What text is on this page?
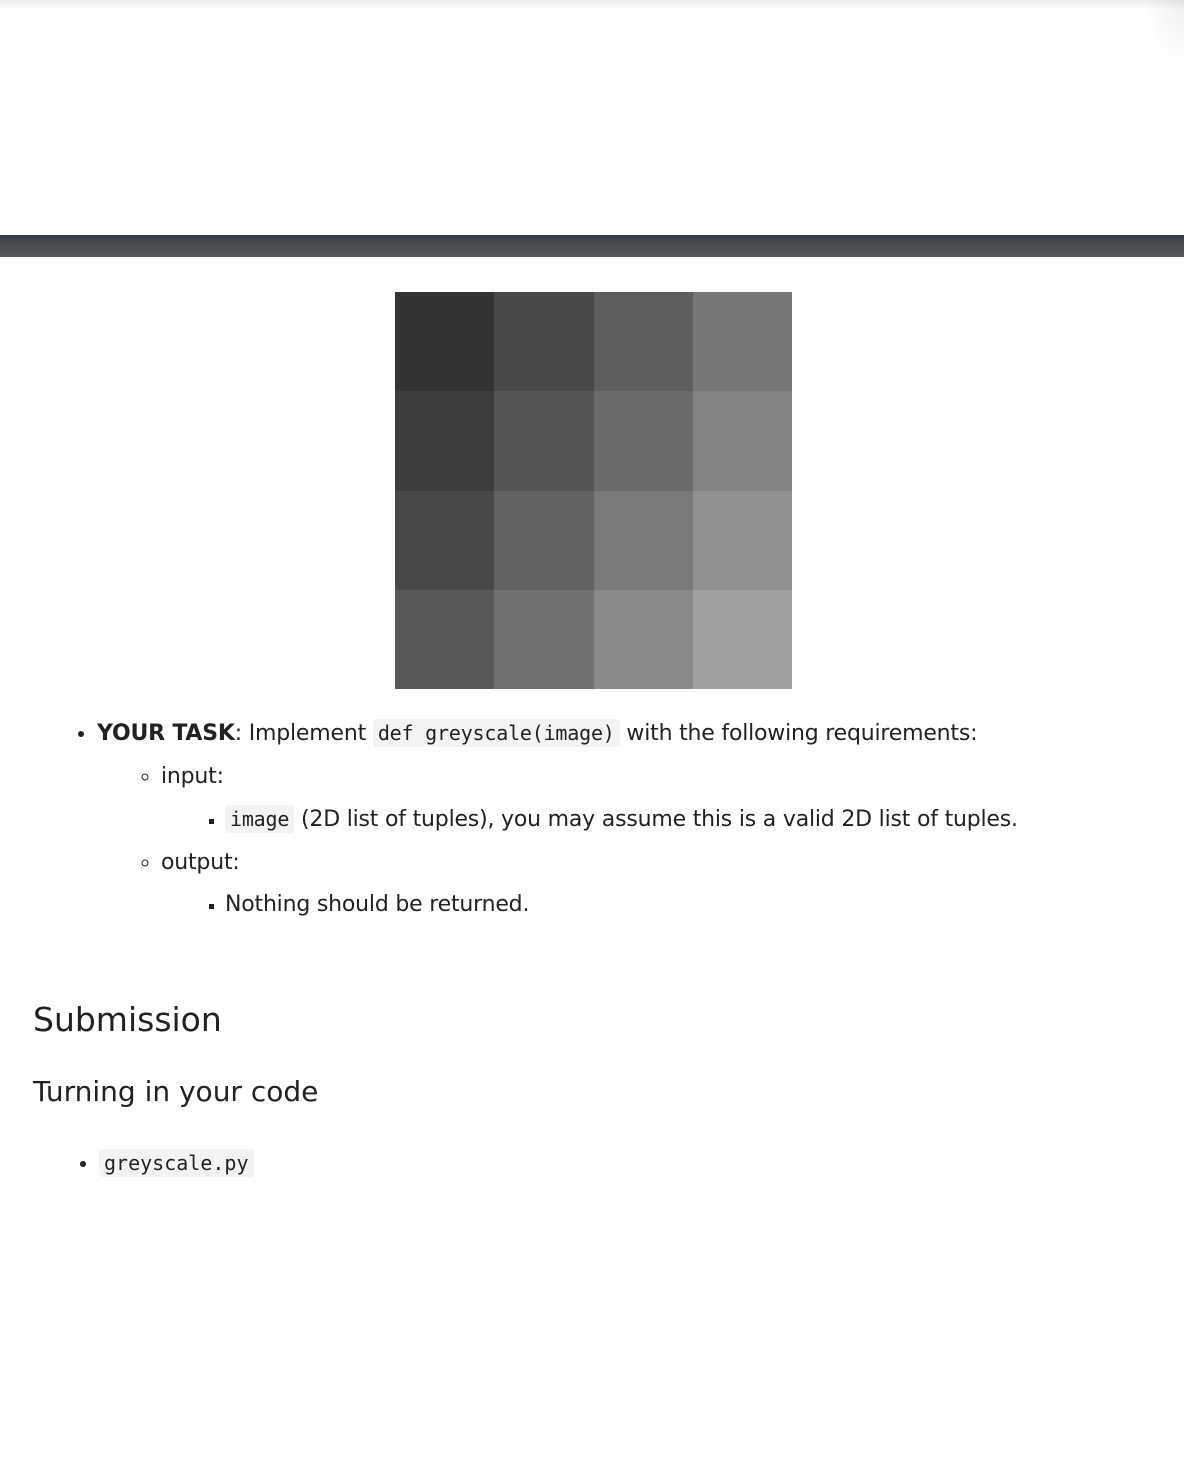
• YOUR TASK: Implement def greyscale(image) with the following requirements:
◦ input:
▪ image (2D list of tuples), you may assume this is a valid 2D list of tuples.
◦ output:
▪ Nothing should be returned.
Submission
Turning in your code
• greyscale.py
